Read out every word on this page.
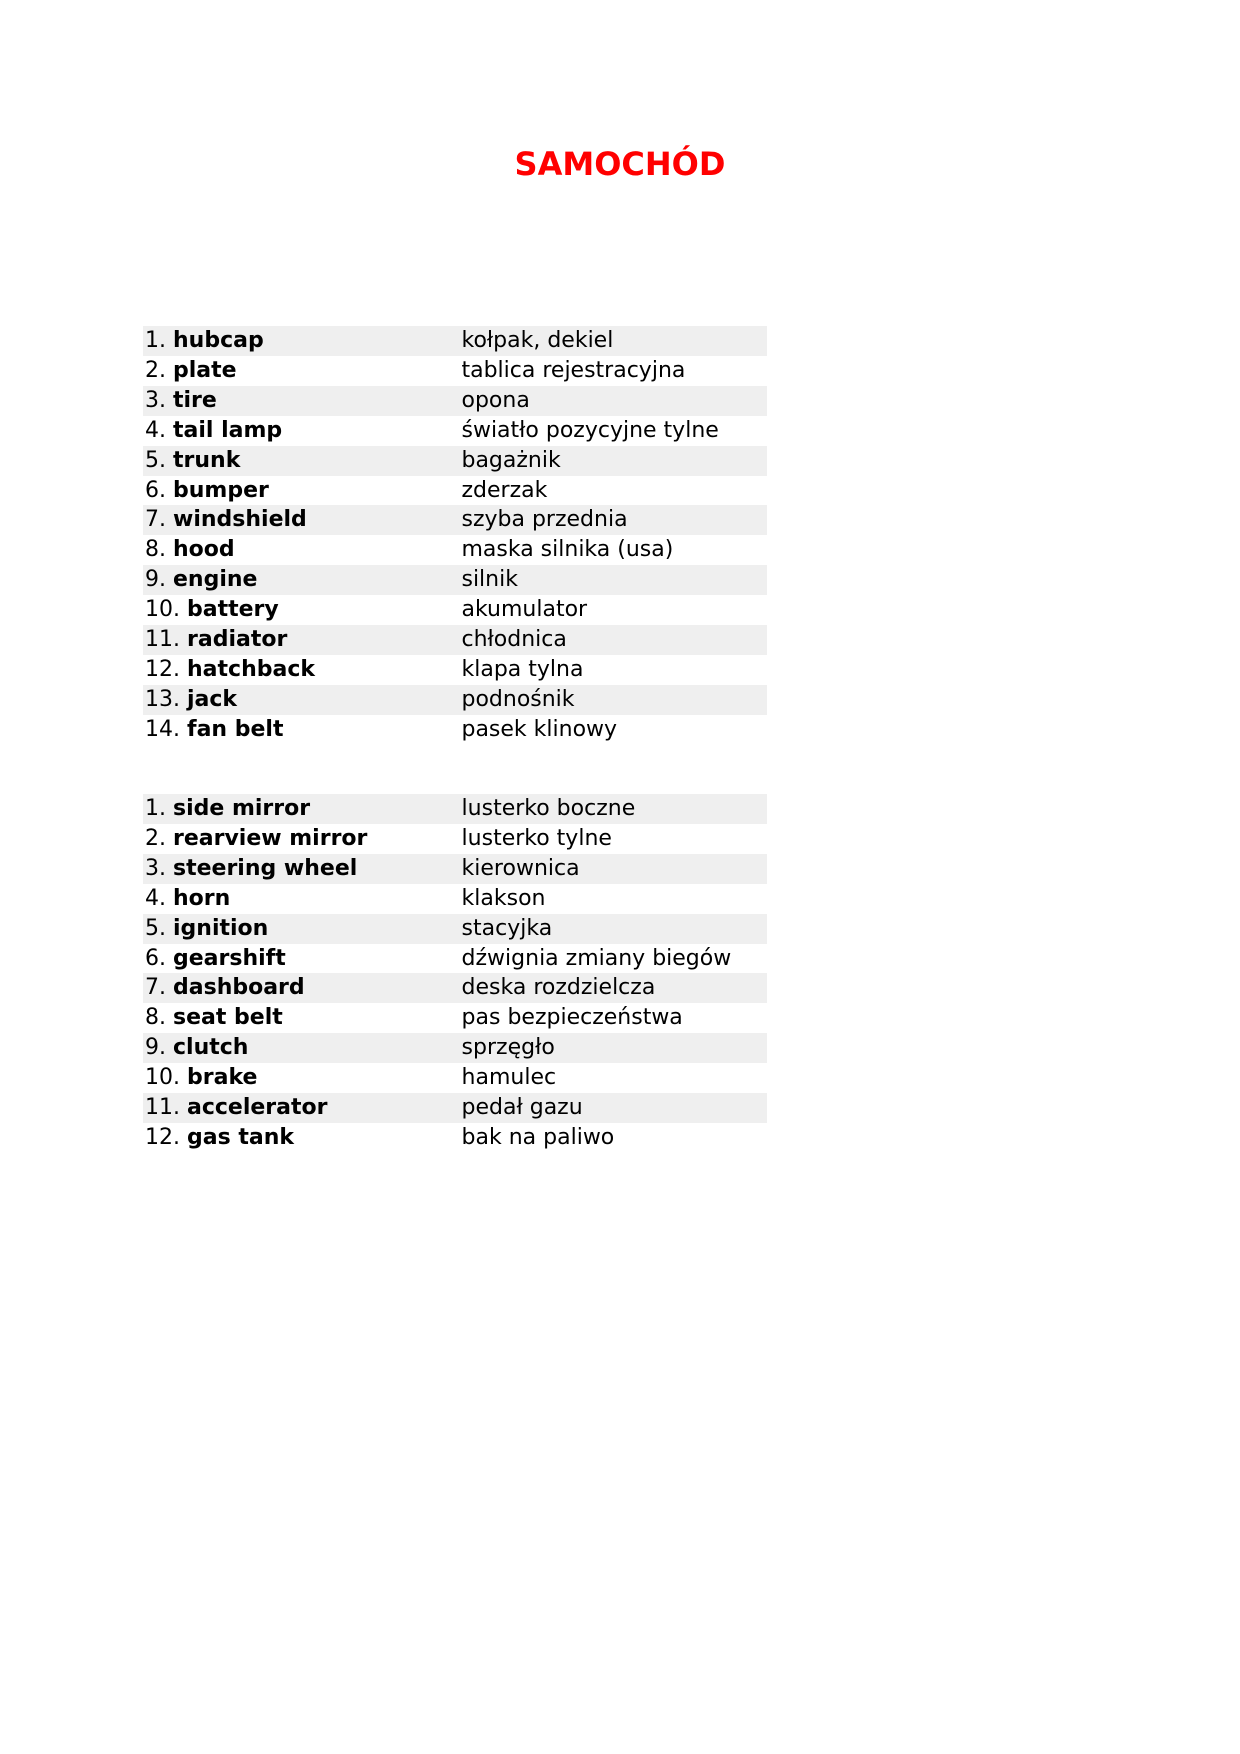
SAMOCHÓD
1. hubcap	kołpak, dekiel
2. plate	tablica rejestracyjna
3. tire	opona
4. tail lamp	światło pozycyjne tylne
5. trunk	bagażnik
6. bumper	zderzak
7. windshield	szyba przednia
8. hood	maska silnika (usa)
9. engine	silnik
10. battery	akumulator
11. radiator	chłodnica
12. hatchback	klapa tylna
13. jack	podnośnik
14. fan belt	pasek klinowy
1. side mirror	lusterko boczne
2. rearview mirror	lusterko tylne
3. steering wheel	kierownica
4. horn	klakson
5. ignition	stacyjka
6. gearshift	dźwignia zmiany biegów
7. dashboard	deska rozdzielcza
8. seat belt	pas bezpieczeństwa
9. clutch	sprzęgło
10. brake	hamulec
11. accelerator	pedał gazu
12. gas tank	bak na paliwo
